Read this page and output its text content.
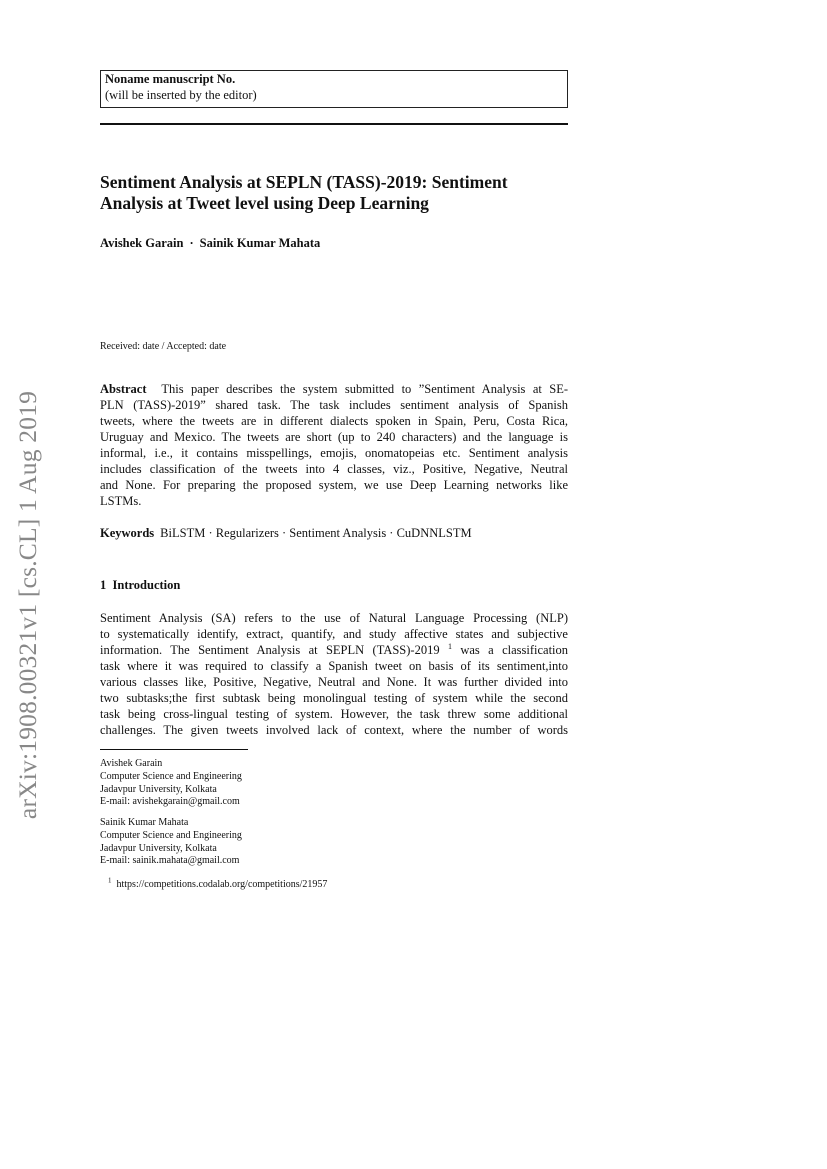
Noname manuscript No.
(will be inserted by the editor)
Sentiment Analysis at SEPLN (TASS)-2019: Sentiment
Analysis at Tweet level using Deep Learning
Avishek Garain · Sainik Kumar Mahata
Received: date / Accepted: date
Abstract This paper describes the system submitted to ”Sentiment Analysis at SE-
PLN (TASS)-2019” shared task. The task includes sentiment analysis of Spanish
tweets, where the tweets are in different dialects spoken in Spain, Peru, Costa Rica,
Uruguay and Mexico. The tweets are short (up to 240 characters) and the language is
informal, i.e., it contains misspellings, emojis, onomatopeias etc. Sentiment analysis
includes classification of the tweets into 4 classes, viz., Positive, Negative, Neutral
and None. For preparing the proposed system, we use Deep Learning networks like
LSTMs.
Keywords BiLSTM · Regularizers · Sentiment Analysis · CuDNNLSTM
1 Introduction
Sentiment Analysis (SA) refers to the use of Natural Language Processing (NLP)
to systematically identify, extract, quantify, and study affective states and subjective
information. The Sentiment Analysis at SEPLN (TASS)-2019 $^1$ was a classification
task where it was required to classify a Spanish tweet on basis of its sentiment,into
various classes like, Positive, Negative, Neutral and None. It was further divided into
two subtasks;the first subtask being monolingual testing of system while the second
task being cross-lingual testing of system. However, the task threw some additional
challenges. The given tweets involved lack of context, where the number of words
Avishek Garain
Computer Science and Engineering
Jadavpur University, Kolkata
E-mail: avishekgarain@gmail.com
Sainik Kumar Mahata
Computer Science and Engineering
Jadavpur University, Kolkata
E-mail: sainik.mahata@gmail.com
$^1$ https://competitions.codalab.org/competitions/21957
arXiv:1908.00321v1 [cs.CL] 1 Aug 2019
